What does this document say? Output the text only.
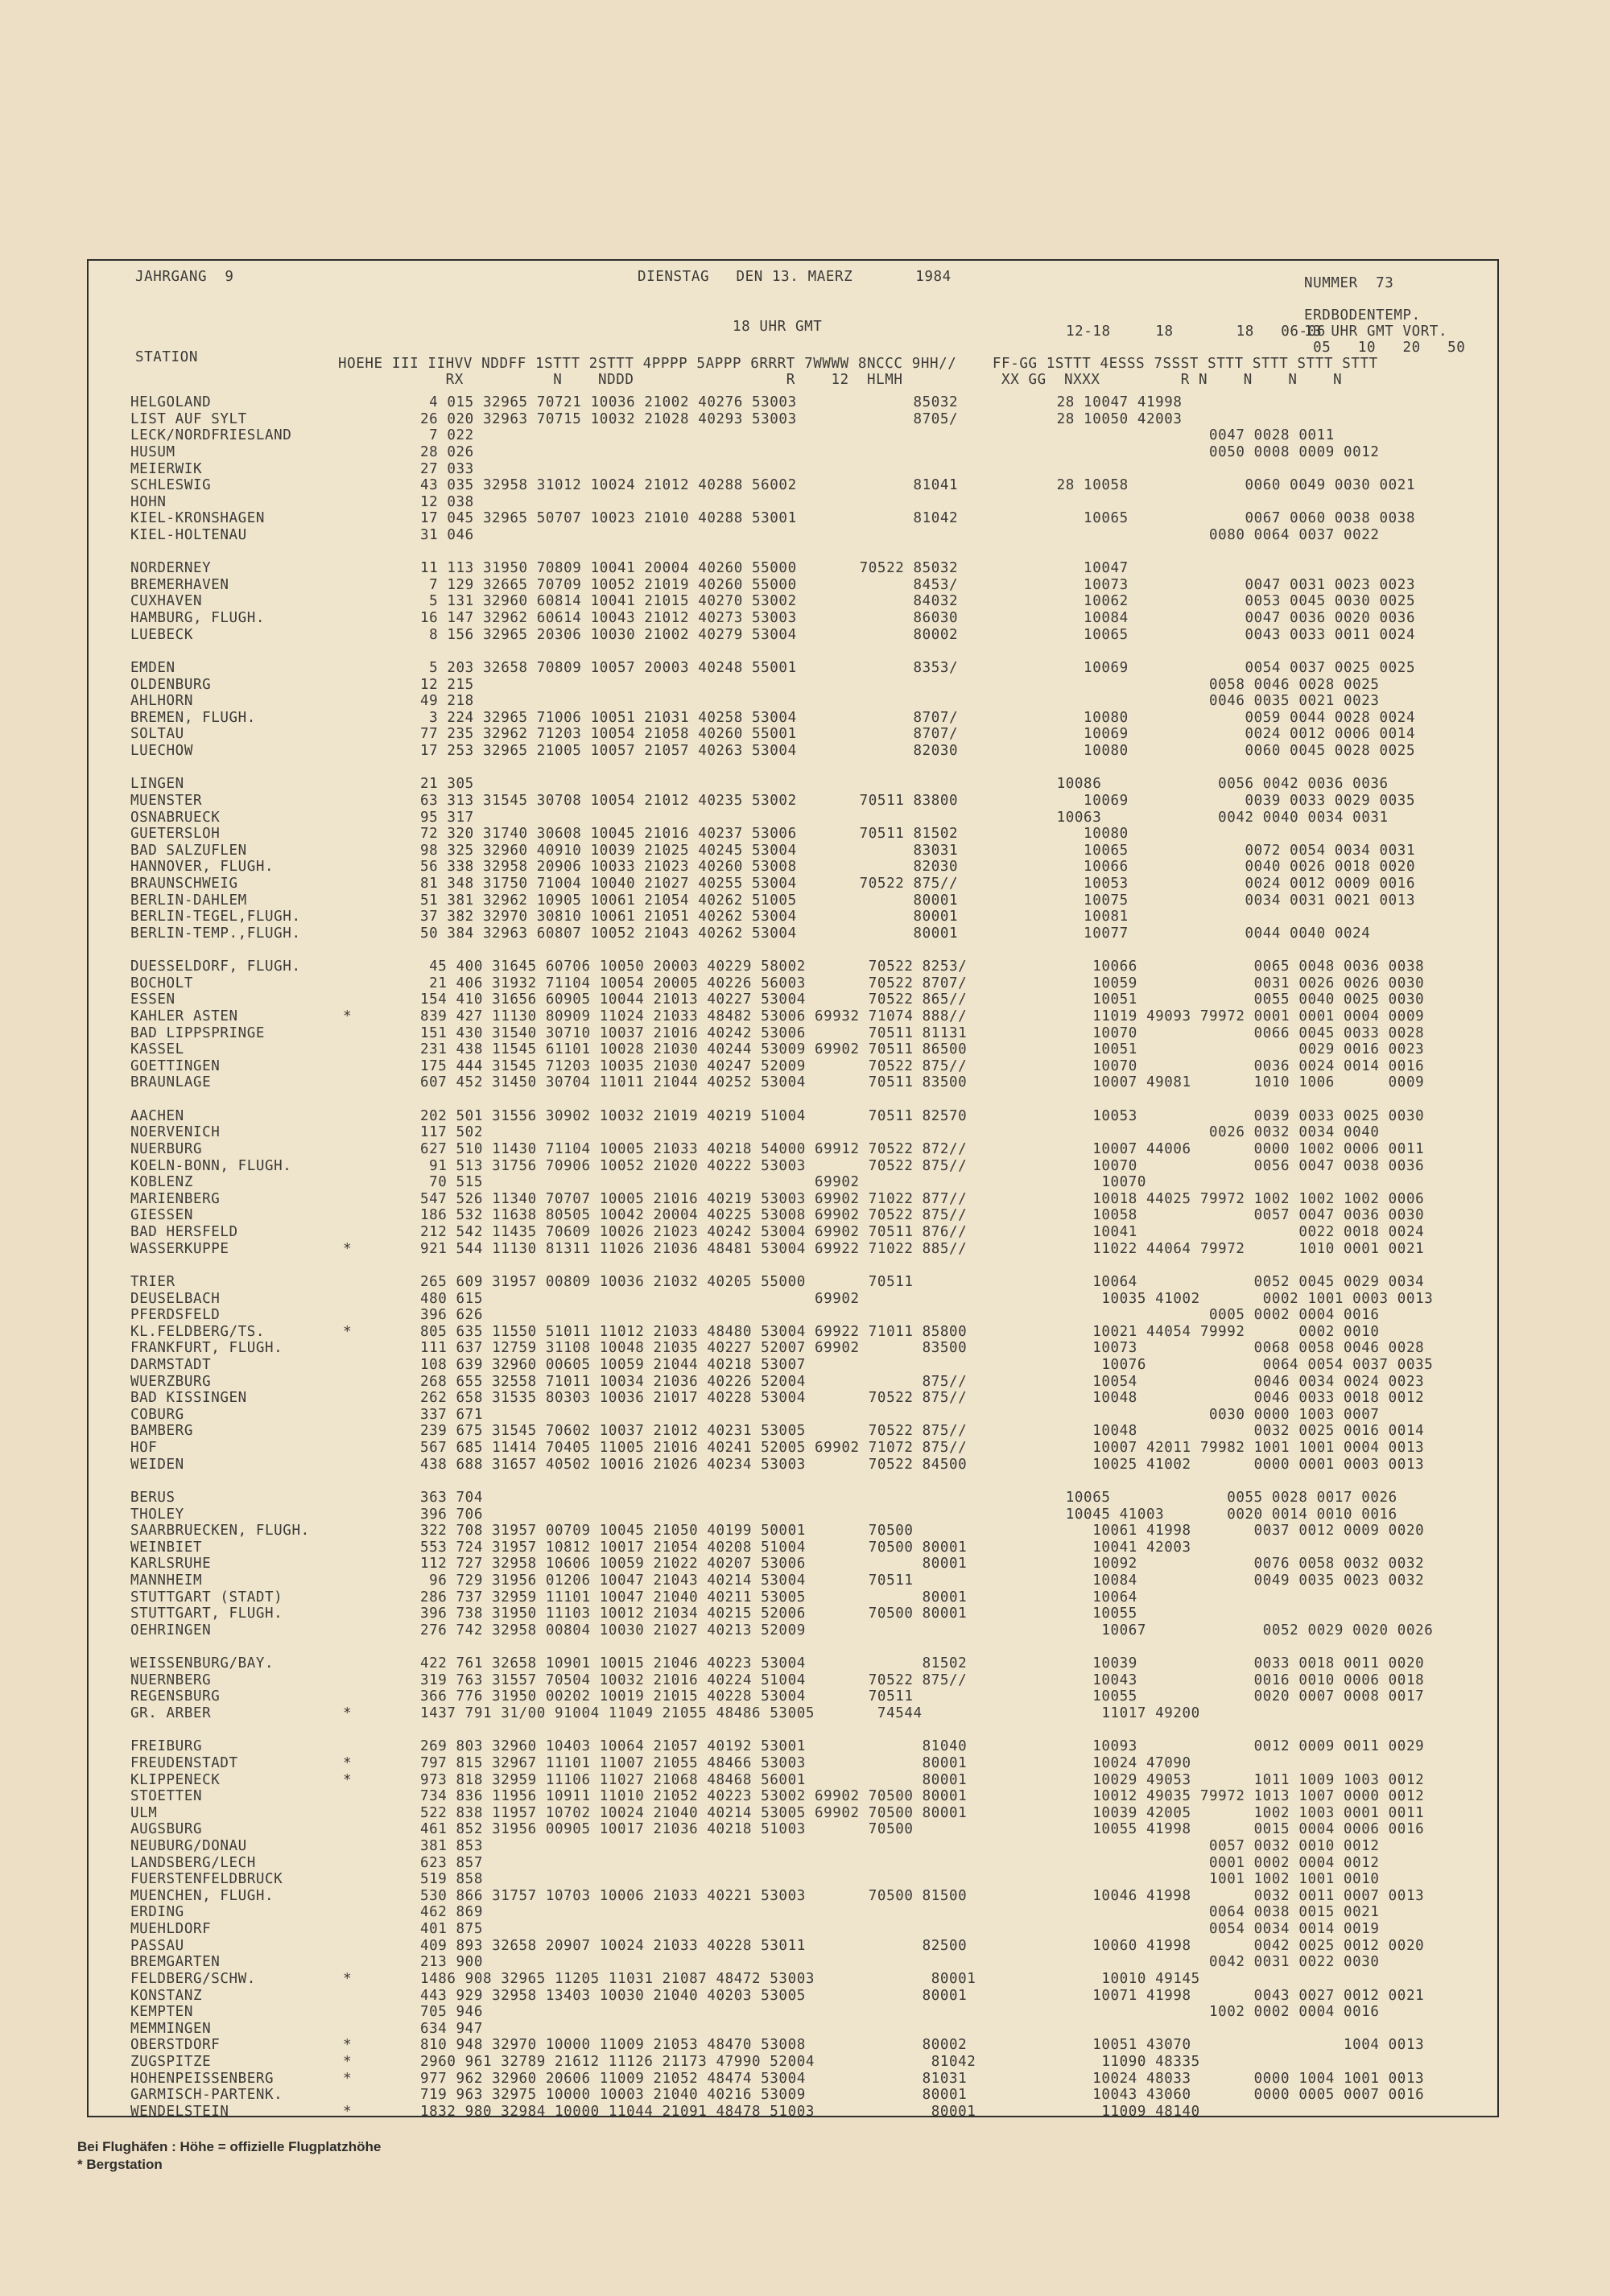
JAHRGANG  9	DIENSTAG   DEN 13. MAERZ       1984	NUMMER  73
ERDBODENTEMP.
18 UHR GMT	13 UHR GMT VORT.
12-18     18       18   06-06
05   10   20   50
STATION	HOEHE III IIHVV NDDFF 1STTT 2STTT 4PPPP 5APPP 6RRRT 7WWWW 8NCCC 9HH//    FF-GG 1STTT 4ESSS 7SSST STTT STTT STTT STTT
RX          N    NDDD                 R    12  HLMH           XX GG  NXXX         R N    N    N    N
HELGOLAND	4 015 32965 70721 10036 21002 40276 53003             85032           28 10047 41998
LIST AUF SYLT	26 020 32963 70715 10032 21028 40293 53003             8705/           28 10050 42003
LECK/NORDFRIESLAND	7 022                                                                                  0047 0028 0011
HUSUM	28 026                                                                                  0050 0008 0009 0012
MEIERWIK	27 033
SCHLESWIG	43 035 32958 31012 10024 21012 40288 56002             81041           28 10058             0060 0049 0030 0021
HOHN	12 038
KIEL-KRONSHAGEN	17 045 32965 50707 10023 21010 40288 53001             81042              10065             0067 0060 0038 0038
KIEL-HOLTENAU	31 046                                                                                  0080 0064 0037 0022
NORDERNEY	11 113 31950 70809 10041 20004 40260 55000       70522 85032              10047
BREMERHAVEN	7 129 32665 70709 10052 21019 40260 55000             8453/              10073             0047 0031 0023 0023
CUXHAVEN	5 131 32960 60814 10041 21015 40270 53002             84032              10062             0053 0045 0030 0025
HAMBURG, FLUGH.	16 147 32962 60614 10043 21012 40273 53003             86030              10084             0047 0036 0020 0036
LUEBECK	8 156 32965 20306 10030 21002 40279 53004             80002              10065             0043 0033 0011 0024
EMDEN	5 203 32658 70809 10057 20003 40248 55001             8353/              10069             0054 0037 0025 0025
OLDENBURG	12 215                                                                                  0058 0046 0028 0025
AHLHORN	49 218                                                                                  0046 0035 0021 0023
BREMEN, FLUGH.	3 224 32965 71006 10051 21031 40258 53004             8707/              10080             0059 0044 0028 0024
SOLTAU	77 235 32962 71203 10054 21058 40260 55001             8707/              10069             0024 0012 0006 0014
LUECHOW	17 253 32965 21005 10057 21057 40263 53004             82030              10080             0060 0045 0028 0025
LINGEN	21 305                                                                 10086             0056 0042 0036 0036
MUENSTER	63 313 31545 30708 10054 21012 40235 53002       70511 83800              10069             0039 0033 0029 0035
OSNABRUECK	95 317                                                                 10063             0042 0040 0034 0031
GUETERSLOH	72 320 31740 30608 10045 21016 40237 53006       70511 81502              10080
BAD SALZUFLEN	98 325 32960 40910 10039 21025 40245 53004             83031              10065             0072 0054 0034 0031
HANNOVER, FLUGH.	56 338 32958 20906 10033 21023 40260 53008             82030              10066             0040 0026 0018 0020
BRAUNSCHWEIG	81 348 31750 71004 10040 21027 40255 53004       70522 875//              10053             0024 0012 0009 0016
BERLIN-DAHLEM	51 381 32962 10905 10061 21054 40262 51005             80001              10075             0034 0031 0021 0013
BERLIN-TEGEL,FLUGH.	37 382 32970 30810 10061 21051 40262 53004             80001              10081
BERLIN-TEMP.,FLUGH.	50 384 32963 60807 10052 21043 40262 53004             80001              10077             0044 0040 0024
DUESSELDORF, FLUGH.	45 400 31645 60706 10050 20003 40229 58002       70522 8253/              10066             0065 0048 0036 0038
BOCHOLT	21 406 31932 71104 10054 20005 40226 56003       70522 8707/              10059             0031 0026 0026 0030
ESSEN	154 410 31656 60905 10044 21013 40227 53004       70522 865//              10051             0055 0040 0025 0030
KAHLER ASTEN	*	839 427 11130 80909 11024 21033 48482 53006 69932 71074 888//              11019 49093 79972 0001 0001 0004 0009
BAD LIPPSPRINGE	151 430 31540 30710 10037 21016 40242 53006       70511 81131              10070             0066 0045 0033 0028
KASSEL	231 438 11545 61101 10028 21030 40244 53009 69902 70511 86500              10051                  0029 0016 0023
GOETTINGEN	175 444 31545 71203 10035 21030 40247 52009       70522 875//              10070             0036 0024 0014 0016
BRAUNLAGE	607 452 31450 30704 11011 21044 40252 53004       70511 83500              10007 49081       1010 1006      0009
AACHEN	202 501 31556 30902 10032 21019 40219 51004       70511 82570              10053             0039 0033 0025 0030
NOERVENICH	117 502                                                                                 0026 0032 0034 0040
NUERBURG	627 510 11430 71104 10005 21033 40218 54000 69912 70522 872//              10007 44006       0000 1002 0006 0011
KOELN-BONN, FLUGH.	91 513 31756 70906 10052 21020 40222 53003       70522 875//              10070             0056 0047 0038 0036
KOBLENZ	70 515                                     69902                           10070
MARIENBERG	547 526 11340 70707 10005 21016 40219 53003 69902 71022 877//              10018 44025 79972 1002 1002 1002 0006
GIESSEN	186 532 11638 80505 10042 20004 40225 53008 69902 70522 875//              10058             0057 0047 0036 0030
BAD HERSFELD	212 542 11435 70609 10026 21023 40242 53004 69902 70511 876//              10041                  0022 0018 0024
WASSERKUPPE	*	921 544 11130 81311 11026 21036 48481 53004 69922 71022 885//              11022 44064 79972      1010 0001 0021
TRIER	265 609 31957 00809 10036 21032 40205 55000       70511                    10064             0052 0045 0029 0034
DEUSELBACH	480 615                                     69902                           10035 41002       0002 1001 0003 0013
PFERDSFELD	396 626                                                                                 0005 0002 0004 0016
KL.FELDBERG/TS.	*	805 635 11550 51011 11012 21033 48480 53004 69922 71011 85800              10021 44054 79992      0002 0010
FRANKFURT, FLUGH.	111 637 12759 31108 10048 21035 40227 52007 69902       83500              10073             0068 0058 0046 0028
DARMSTADT	108 639 32960 00605 10059 21044 40218 53007                                 10076             0064 0054 0037 0035
WUERZBURG	268 655 32558 71011 10034 21036 40226 52004             875//              10054             0046 0034 0024 0023
BAD KISSINGEN	262 658 31535 80303 10036 21017 40228 53004       70522 875//              10048             0046 0033 0018 0012
COBURG	337 671                                                                                 0030 0000 1003 0007
BAMBERG	239 675 31545 70602 10037 21012 40231 53005       70522 875//              10048             0032 0025 0016 0014
HOF	567 685 11414 70405 11005 21016 40241 52005 69902 71072 875//              10007 42011 79982 1001 1001 0004 0013
WEIDEN	438 688 31657 40502 10016 21026 40234 53003       70522 84500              10025 41002       0000 0001 0003 0013
BERUS	363 704                                                                 10065             0055 0028 0017 0026
THOLEY	396 706                                                                 10045 41003       0020 0014 0010 0016
SAARBRUECKEN, FLUGH.	322 708 31957 00709 10045 21050 40199 50001       70500                    10061 41998       0037 0012 0009 0020
WEINBIET	553 724 31957 10812 10017 21054 40208 51004       70500 80001              10041 42003
KARLSRUHE	112 727 32958 10606 10059 21022 40207 53006             80001              10092             0076 0058 0032 0032
MANNHEIM	96 729 31956 01206 10047 21043 40214 53004       70511                    10084             0049 0035 0023 0032
STUTTGART (STADT)	286 737 32959 11101 10047 21040 40211 53005             80001              10064
STUTTGART, FLUGH.	396 738 31950 11103 10012 21034 40215 52006       70500 80001              10055
OEHRINGEN	276 742 32958 00804 10030 21027 40213 52009                                 10067             0052 0029 0020 0026
WEISSENBURG/BAY.	422 761 32658 10901 10015 21046 40223 53004             81502              10039             0033 0018 0011 0020
NUERNBERG	319 763 31557 70504 10032 21016 40224 51004       70522 875//              10043             0016 0010 0006 0018
REGENSBURG	366 776 31950 00202 10019 21015 40228 53004       70511                    10055             0020 0007 0008 0017
GR. ARBER	*	1437 791 31/00 91004 11049 21055 48486 53005       74544                    11017 49200
FREIBURG	269 803 32960 10403 10064 21057 40192 53001             81040              10093             0012 0009 0011 0029
FREUDENSTADT	*	797 815 32967 11101 11007 21055 48466 53003             80001              10024 47090
KLIPPENECK	*	973 818 32959 11106 11027 21068 48468 56001             80001              10029 49053       1011 1009 1003 0012
STOETTEN	734 836 11956 10911 11010 21052 40223 53002 69902 70500 80001              10012 49035 79972 1013 1007 0000 0012
ULM	522 838 11957 10702 10024 21040 40214 53005 69902 70500 80001              10039 42005       1002 1003 0001 0011
AUGSBURG	461 852 31956 00905 10017 21036 40218 51003       70500                    10055 41998       0015 0004 0006 0016
NEUBURG/DONAU	381 853                                                                                 0057 0032 0010 0012
LANDSBERG/LECH	623 857                                                                                 0001 0002 0004 0012
FUERSTENFELDBRUCK	519 858                                                                                 1001 1002 1001 0010
MUENCHEN, FLUGH.	530 866 31757 10703 10006 21033 40221 53003       70500 81500              10046 41998       0032 0011 0007 0013
ERDING	462 869                                                                                 0064 0038 0015 0021
MUEHLDORF	401 875                                                                                 0054 0034 0014 0019
PASSAU	409 893 32658 20907 10024 21033 40228 53011             82500              10060 41998       0042 0025 0012 0020
BREMGARTEN	213 900                                                                                 0042 0031 0022 0030
FELDBERG/SCHW.	*	1486 908 32965 11205 11031 21087 48472 53003             80001              10010 49145
KONSTANZ	443 929 32958 13403 10030 21040 40203 53005             80001              10071 41998       0043 0027 0012 0021
KEMPTEN	705 946                                                                                 1002 0002 0004 0016
MEMMINGEN	634 947
OBERSTDORF	*	810 948 32970 10000 11009 21053 48470 53008             80002              10051 43070                 1004 0013
ZUGSPITZE	*	2960 961 32789 21612 11126 21173 47990 52004             81042              11090 48335
HOHENPEISSENBERG	*	977 962 32960 20606 11009 21052 48474 53004             81031              10024 48033       0000 1004 1001 0013
GARMISCH-PARTENK.	719 963 32975 10000 10003 21040 40216 53009             80001              10043 43060       0000 0005 0007 0016
WENDELSTEIN	*	1832 980 32984 10000 11044 21091 48478 51003             80001              11009 48140
Bei Flughäfen : Höhe = offizielle Flugplatzhöhe
* Bergstation
